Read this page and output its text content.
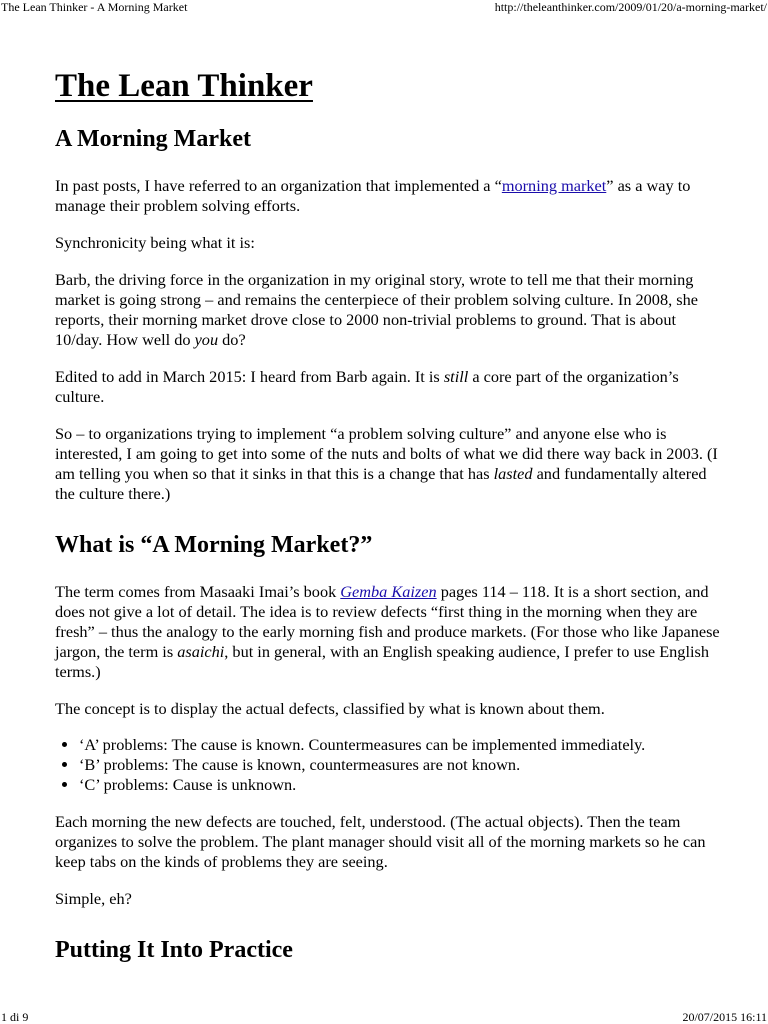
The Lean Thinker - A Morning Market	http://theleanthinker.com/2009/01/20/a-morning-market/
The Lean Thinker
A Morning Market

In past posts, I have referred to an organization that implemented a “morning market” as a way to manage their problem solving efforts.

Synchronicity being what it is:

Barb, the driving force in the organization in my original story, wrote to tell me that their morning market is going strong – and remains the centerpiece of their problem solving culture. In 2008, she reports, their morning market drove close to 2000 non-trivial problems to ground. That is about 10/day. How well do you do?

Edited to add in March 2015: I heard from Barb again. It is still a core part of the organization’s culture.

So – to organizations trying to implement “a problem solving culture” and anyone else who is interested, I am going to get into some of the nuts and bolts of what we did there way back in 2003. (I am telling you when so that it sinks in that this is a change that has lasted and fundamentally altered the culture there.)

What is “A Morning Market?”

The term comes from Masaaki Imai’s book Gemba Kaizen pages 114 – 118. It is a short section, and does not give a lot of detail. The idea is to review defects “first thing in the morning when they are fresh” – thus the analogy to the early morning fish and produce markets. (For those who like Japanese jargon, the term is asaichi, but in general, with an English speaking audience, I prefer to use English terms.)

The concept is to display the actual defects, classified by what is known about them.

• ‘A’ problems: The cause is known. Countermeasures can be implemented immediately.
• ‘B’ problems: The cause is known, countermeasures are not known.
• ‘C’ problems: Cause is unknown.

Each morning the new defects are touched, felt, understood. (The actual objects). Then the team organizes to solve the problem. The plant manager should visit all of the morning markets so he can keep tabs on the kinds of problems they are seeing.

Simple, eh?

Putting It Into Practice
1 di 9	20/07/2015 16:11
